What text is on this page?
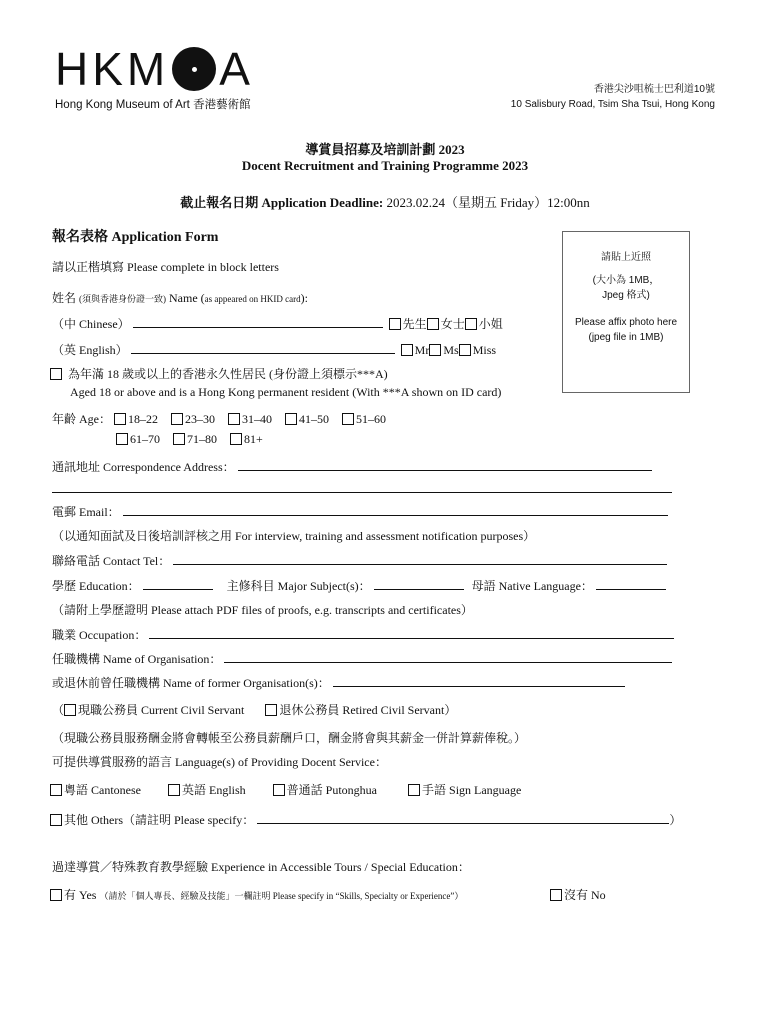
HKM A
Hong Kong Museum of Art 香港藝術館
香港尖沙咀梳士巴利道10號
10 Salisbury Road, Tsim Sha Tsui, Hong Kong
導賞員招募及培訓計劃 2023
Docent Recruitment and Training Programme 2023
截止報名日期 Application Deadline: 2023.02.24（星期五 Friday）12:00nn
請貼上近照
(大小為 1MB，
Jpeg 格式)
Please affix photo here
(jpeg file in 1MB)
報名表格 Application Form
請以正楷填寫 Please complete in block letters
姓名 (須與香港身份證一致) Name (as appeared on HKID card):
（中 Chinese）	先生 女士 小姐
（英 English）	Mr Ms Miss
為年滿 18 歲或以上的香港永久性居民 (身份證上須標示***A)
Aged 18 or above and is a Hong Kong permanent resident (With ***A shown on ID card)
年齡 Age： 18–22 23–30 31–40 41–50 51–60
61–70 71–80 81+
通訊地址 Correspondence Address：
電郵 Email：
（以通知面試及日後培訓評核之用 For interview, training and assessment notification purposes）
聯絡電話 Contact Tel：
學歷 Education：	主修科目 Major Subject(s)：	母語 Native Language：
（請附上學歷證明 Please attach PDF files of proofs, e.g. transcripts and certificates）
職業 Occupation：
任職機構 Name of Organisation：
或退休前曾任職機構 Name of former Organisation(s)：
（ 現職公務員 Current Civil Servant	退休公務員 Retired Civil Servant）
（現職公務員服務酬金將會轉帳至公務員薪酬戶口，酬金將會與其薪金一併計算薪俸稅。）
可提供導賞服務的語言 Language(s) of Providing Docent Service：
粵語 Cantonese	英語 English	普通話 Putonghua	手語 Sign Language
其他 Others（請註明 Please specify：	）
過達導賞／特殊教育教學經驗 Experience in Accessible Tours / Special Education：
有 Yes （請於「個人專長、經驗及技能」一欄註明 Please specify in “Skills, Specialty or Experience”）	沒有 No
